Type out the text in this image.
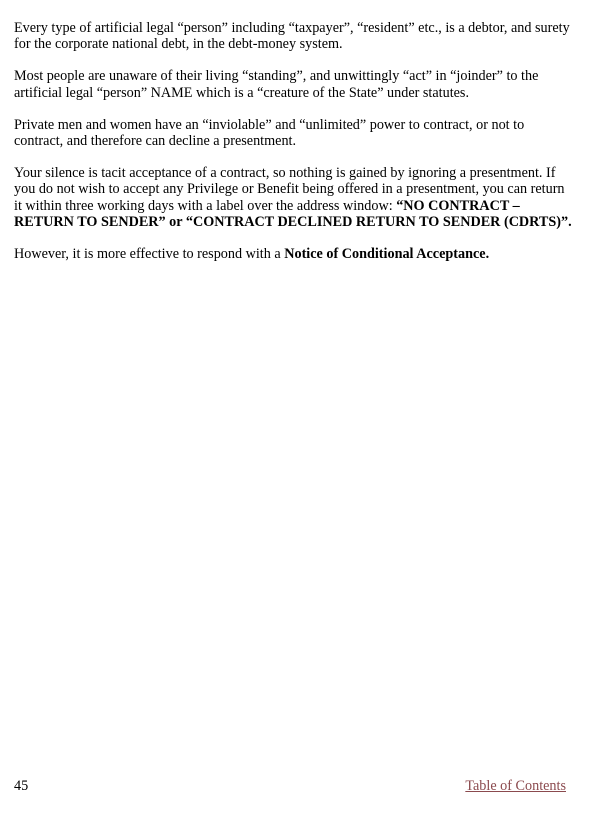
Every type of artificial legal “person” including “taxpayer”, “resident” etc., is a debtor, and surety for the corporate national debt, in the debt-money system.

Most people are unaware of their living “standing”, and unwittingly “act” in “joinder” to the artificial legal “person” NAME which is a “creature of the State” under statutes.

Private men and women have an “inviolable” and “unlimited” power to contract, or not to contract, and therefore can decline a presentment.

Your silence is tacit acceptance of a contract, so nothing is gained by ignoring a presentment. If you do not wish to accept any Privilege or Benefit being offered in a presentment, you can return it within three working days with a label over the address window: “NO CONTRACT – RETURN TO SENDER” or “CONTRACT DECLINED RETURN TO SENDER (CDRTS)”.

However, it is more effective to respond with a Notice of Conditional Acceptance.

45	Table of Contents
